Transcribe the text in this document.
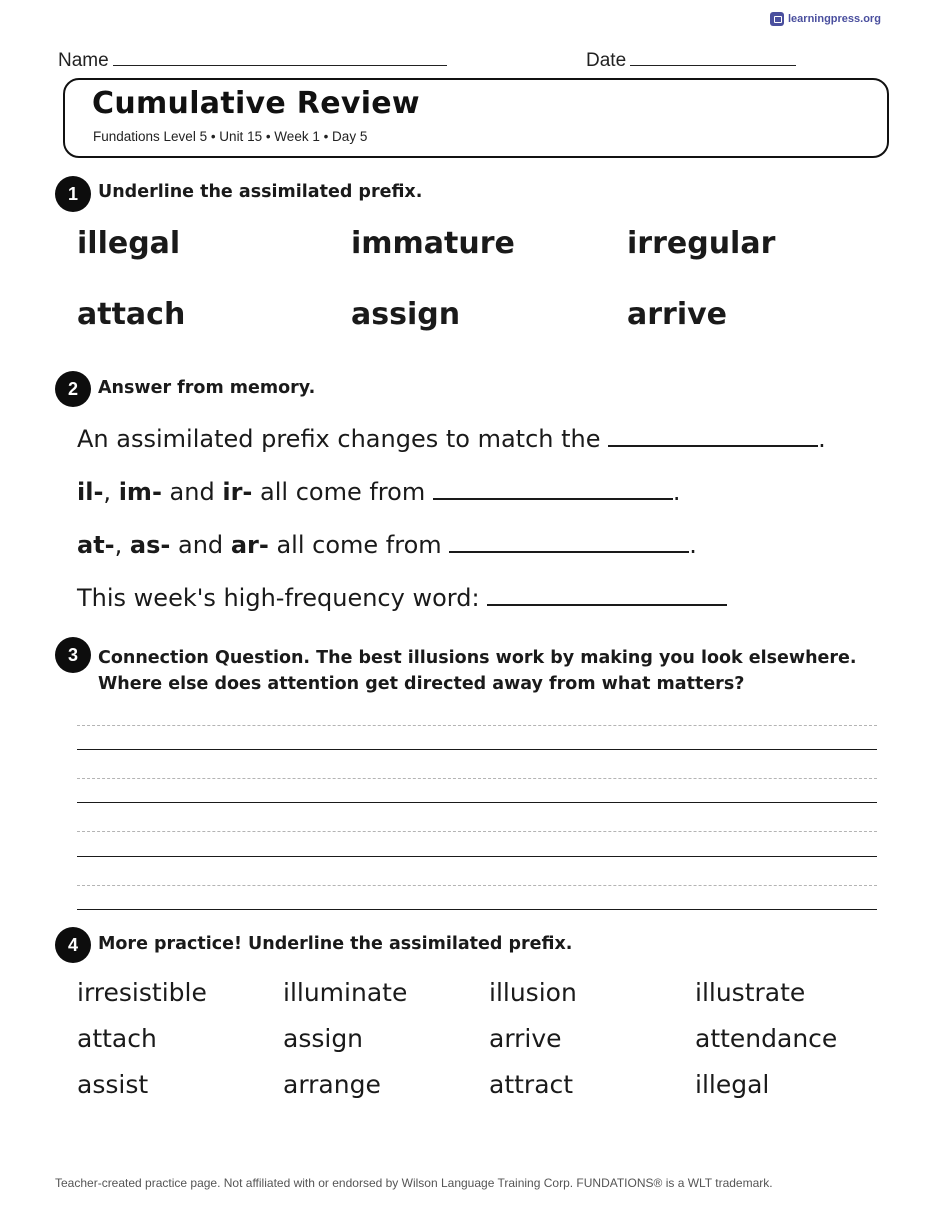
learningpress.org
Name	Date
Cumulative Review
Fundations Level 5 • Unit 15 • Week 1 • Day 5
1	Underline the assimilated prefix.
illegal	immature	irregular
attach	assign	arrive
2	Answer from memory.
An assimilated prefix changes to match the	.
il-, im- and ir- all come from	.
at-, as- and ar- all come from	.
This week's high-frequency word:
3	Connection Question. The best illusions work by making you look elsewhere.
Where else does attention get directed away from what matters?
4	More practice! Underline the assimilated prefix.
irresistible	illuminate	illusion	illustrate
attach	assign	arrive	attendance
assist	arrange	attract	illegal
Teacher-created practice page. Not affiliated with or endorsed by Wilson Language Training Corp. FUNDATIONS® is a WLT trademark.
